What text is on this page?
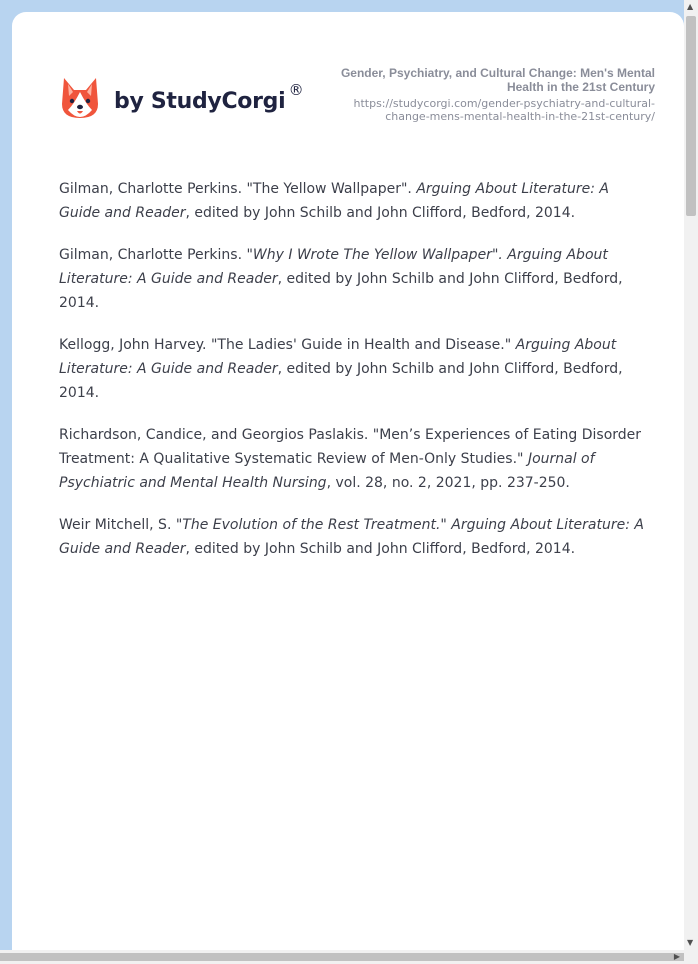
by StudyCorgi ®
Gender, Psychiatry, and Cultural Change: Men's Mental Health in the 21st Century
https://studycorgi.com/gender-psychiatry-and-cultural-change-mens-mental-health-in-the-21st-century/

Gilman, Charlotte Perkins. "The Yellow Wallpaper". Arguing About Literature: A Guide and Reader, edited by John Schilb and John Clifford, Bedford, 2014.

Gilman, Charlotte Perkins. "Why I Wrote The Yellow Wallpaper". Arguing About Literature: A Guide and Reader, edited by John Schilb and John Clifford, Bedford, 2014.

Kellogg, John Harvey. "The Ladies' Guide in Health and Disease." Arguing About Literature: A Guide and Reader, edited by John Schilb and John Clifford, Bedford, 2014.

Richardson, Candice, and Georgios Paslakis. "Men’s Experiences of Eating Disorder Treatment: A Qualitative Systematic Review of Men-Only Studies." Journal of Psychiatric and Mental Health Nursing, vol. 28, no. 2, 2021, pp. 237-250.

Weir Mitchell, S. "The Evolution of the Rest Treatment." Arguing About Literature: A Guide and Reader, edited by John Schilb and John Clifford, Bedford, 2014.

▲
▼
▶
